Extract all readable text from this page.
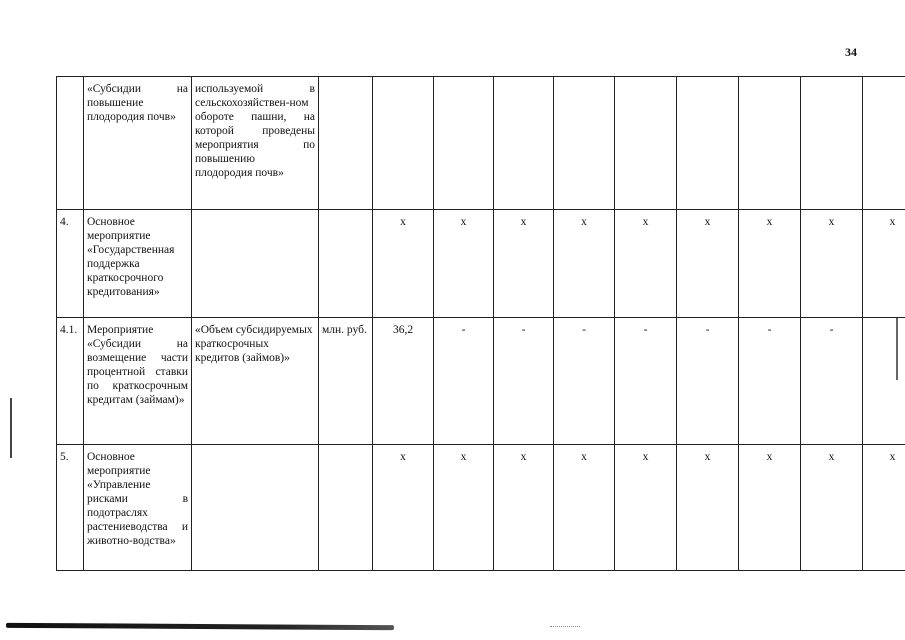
34
	«Субсидии на повышение плодородия почв»	используемой в сельскохозяйствен-ном обороте пашни, на которой проведены мероприятия по повышению плодородия почв»										
4.	Основное мероприятие «Государственная поддержка краткосрочного кредитования»			х	х	х	х	х	х	х	х	х
4.1.	Мероприятие «Субсидии на возмещение части процентной ставки по краткосрочным кредитам (займам)»	«Объем субсидируемых краткосрочных кредитов (займов)»	млн. руб.	36,2	-	-	-	-	-	-	-	
5.	Основное мероприятие «Управление рисками в подотраслях растениеводства и животно-водства»			х	х	х	х	х	х	х	х	х
